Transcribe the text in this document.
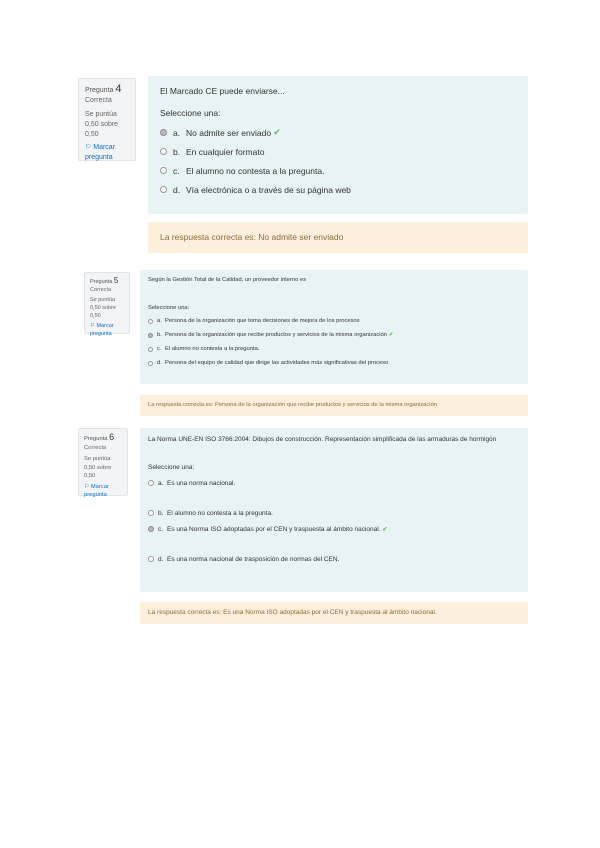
Pregunta 4
Correcta
Se puntúa 0,50 sobre 0,50
⚐ Marcar pregunta
El Marcado CE puede enviarse...
Seleccione una:
a. No admite ser enviado ✔
b. En cualquier formato
c. El alumno no contesta a la pregunta.
d. Vía electrónica o a través de su página web
La respuesta correcta es: No admite ser enviado
Pregunta 5
Correcta
Se puntúa 0,50 sobre 0,50
⚐ Marcar pregunta
Según la Gestión Total de la Calidad, un proveedor interno es
Seleccione una:
a. Persona de la organización que toma decisiones de mejora de los procesos
b. Persona de la organización que recibe productos y servicios de la misma organización ✔
c. El alumno no contesta a la pregunta.
d. Persona del equipo de calidad que dirige las actividades más significativas del proceso
La respuesta correcta es: Persona de la organización que recibe productos y servicios de la misma organización
Pregunta 6
Correcta
Se puntúa 0,50 sobre 0,50
⚐ Marcar pregunta
La Norma UNE-EN ISO 3766:2004: Dibujos de construcción. Representación simplificada de las armaduras de hormigón
Seleccione una:
a. Es una norma nacional.
b. El alumno no contesta a la pregunta.
c. Es una Norma ISO adoptadas por el CEN y traspuesta al ámbito nacional. ✔
d. Es una norma nacional de trasposición de normas del CEN.
La respuesta correcta es: Es una Norma ISO adoptadas por el CEN y traspuesta al ámbito nacional.
